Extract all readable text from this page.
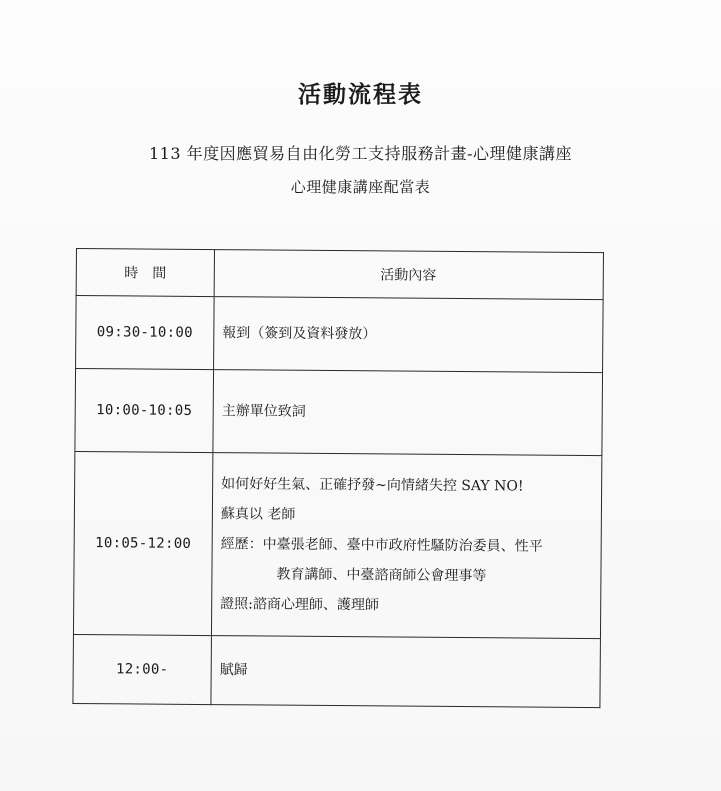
活動流程表
113 年度因應貿易自由化勞工支持服務計畫-心理健康講座
心理健康講座配當表
時　間	活動內容
09:30-10:00	報到（簽到及資料發放）

10:00-10:05	主辦單位致詞

10:05-12:00	如何好好生氣、正確抒發~向情緒失控 SAY NO!
蘇真以 老師
經歷：中臺張老師、臺中市政府性騷防治委員、性平
教育講師、中臺諮商師公會理事等
證照:諮商心理師、護理師

12:00-	賦歸
